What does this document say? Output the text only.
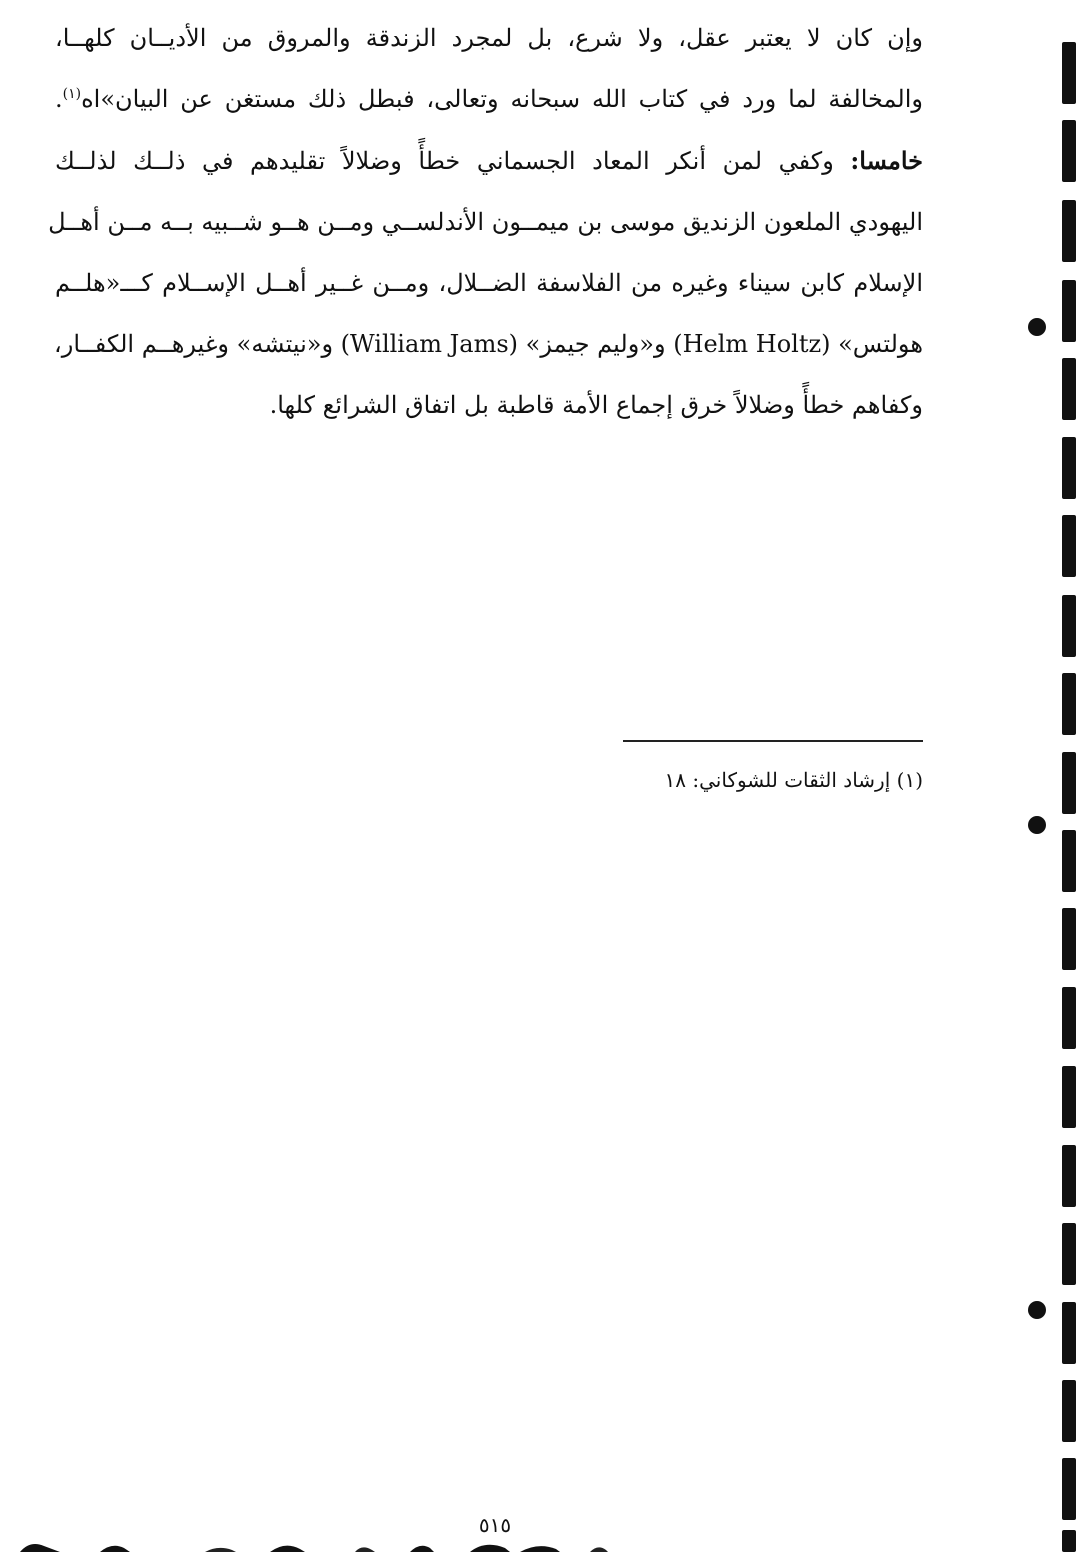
وإن كان لا يعتبر عقل، ولا شرع، بل لمجرد الزندقة والمروق من الأديــان كلهــا،
والمخالفة لما ورد في كتاب الله سبحانه وتعالى، فبطل ذلك مستغن عن البيان»اه$^{(١)}$.
خامسا: وكفي لمن أنكر المعاد الجسماني خطأً وضلالاً تقليدهم في ذلــك لذلــك
اليهودي الملعون الزنديق موسى بن ميمــون الأندلســي ومــن هــو شــبيه بــه مــن أهــل
الإسلام كابن سيناء وغيره من الفلاسفة الضــلال، ومــن غــير أهــل الإســلام كـــ«هلــم
هولتس» (Helm Holtz) و«وليم جيمز» (William Jams) و«نيتشه» وغيرهــم الكفــار،
وكفاهم خطأً وضلالاً خرق إجماع الأمة قاطبة بل اتفاق الشرائع كلها.
(١) إرشاد الثقات للشوكاني: ١٨
٥١٥
